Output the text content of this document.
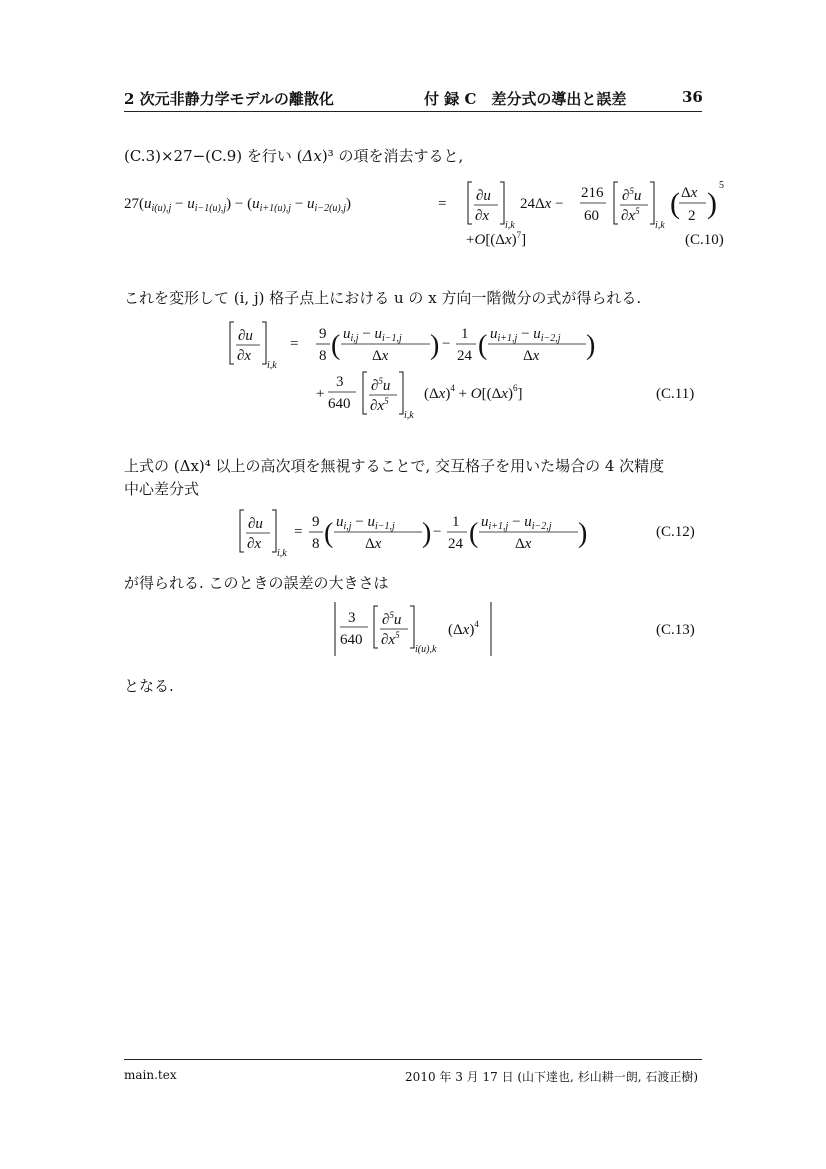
2 次元非静力学モデルの離散化	付 録 C　差分式の導出と誤差	36
(C.3)×27−(C.9) を行い (Δx)³ の項を消去すると,
$27(u_{i(u),j} - u_{i-1(u),j}) - (u_{i+1(u),j} - u_{i-2(u),j})$	= ∂u
∂x
i,k
24Δx −
216
60
∂$^5$u
$\partial x^5$
i,k
( Δx
2 )
5
$+O[(\Delta x)^7]$	(C.10)
これを変形して (i, j) 格子点上における u の x 方向一階微分の式が得られる.
∂u
∂x
i,k
=
9
8 ( $u_{i,j} - u_{i-1,j}$
Δx ) −
1
24 ( $u_{i+1,j} - u_{i-2,j}$
Δx )
+
3
640
∂$^5$u
$\partial x^5$
i,k
$(\Delta x)^4 + O[(\Delta x)^6]$	(C.11)
上式の (Δx)⁴ 以上の高次項を無視することで, 交互格子を用いた場合の 4 次精度
中心差分式
∂u
∂x
i,k
=
9
8 ( $u_{i,j} - u_{i-1,j}$
Δx ) −
1
24 ( $u_{i+1,j} - u_{i-2,j}$
Δx )	(C.12)
が得られる. このときの誤差の大きさは
3
640
∂$^5$u
$\partial x^5$
i(u),k
$(\Delta x)^4$	(C.13)
となる.
main.tex	2010 年 3 月 17 日 (山下達也, 杉山耕一朗, 石渡正樹)
